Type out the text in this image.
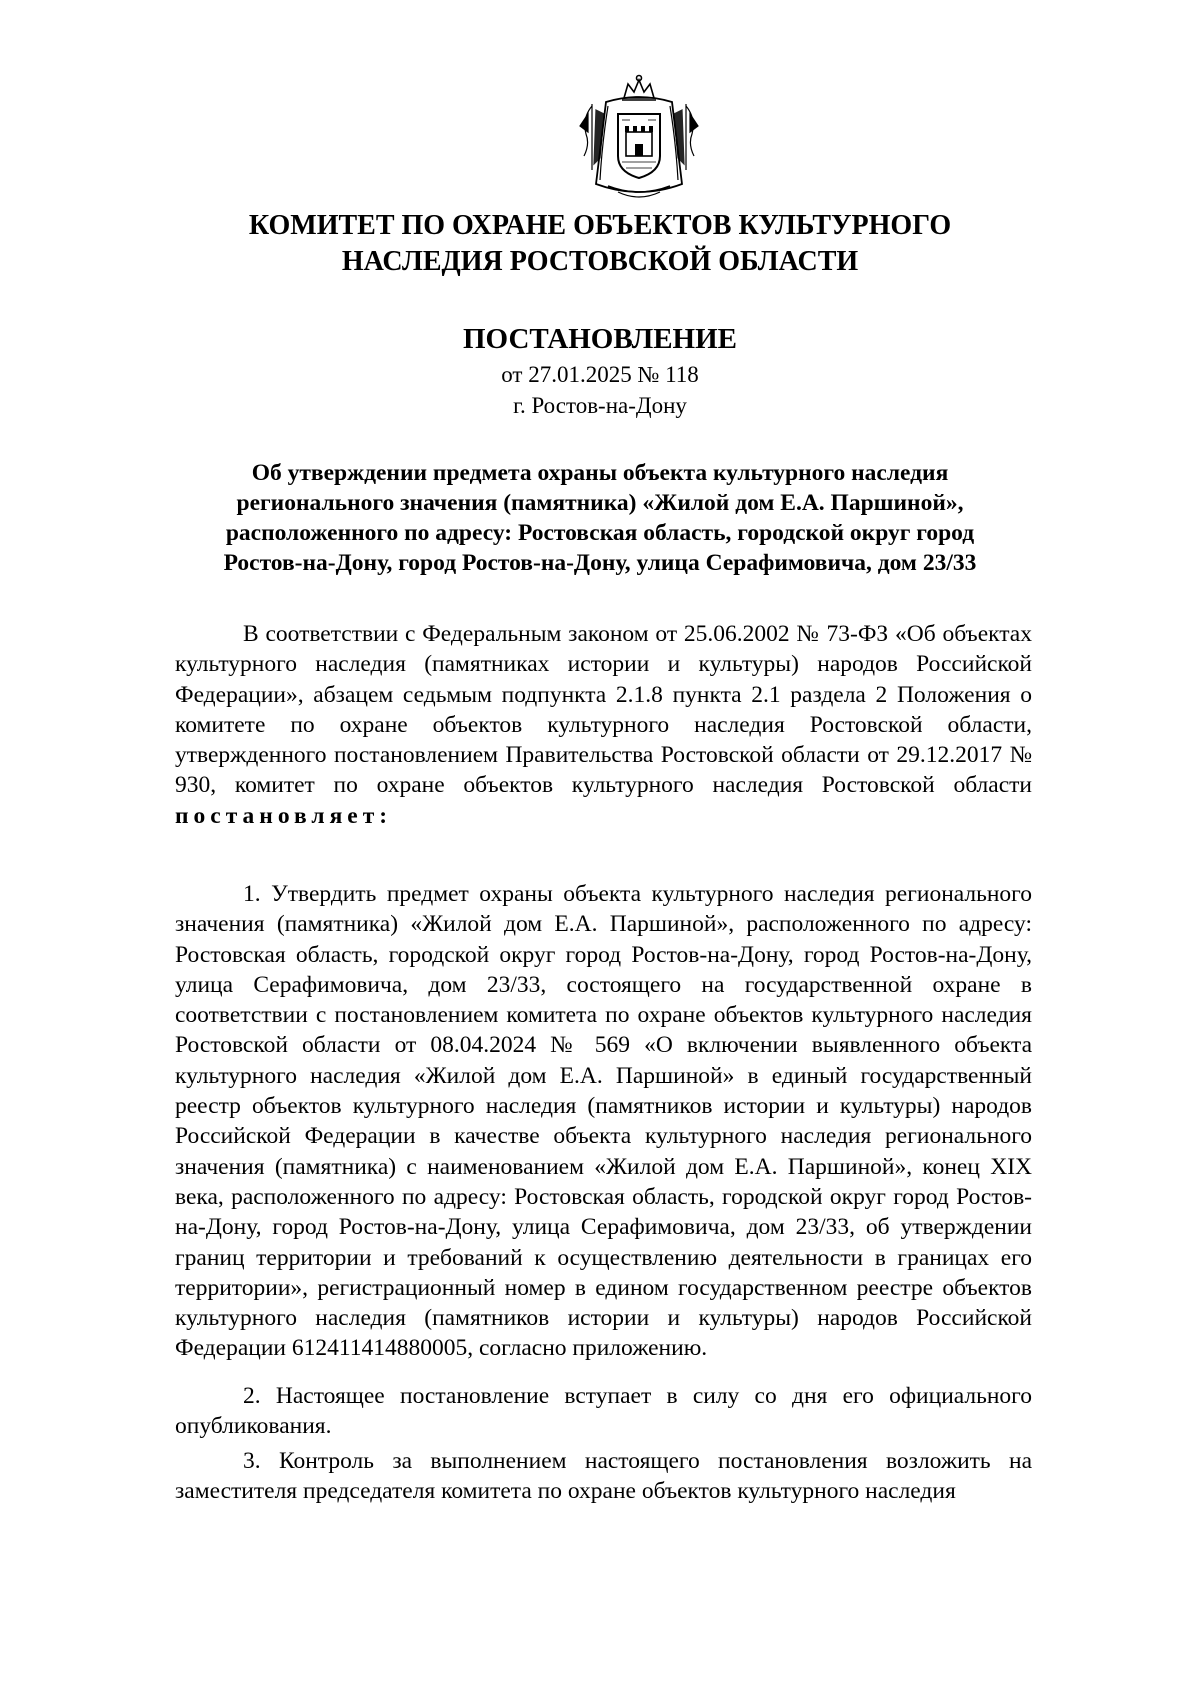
КОМИТЕТ ПО ОХРАНЕ ОБЪЕКТОВ КУЛЬТУРНОГО
НАСЛЕДИЯ РОСТОВСКОЙ ОБЛАСТИ
ПОСТАНОВЛЕНИЕ
от 27.01.2025 № 118
г. Ростов-на-Дону
Об утверждении предмета охраны объекта культурного наследия
регионального значения (памятника) «Жилой дом Е.А. Паршиной»,
расположенного по адресу: Ростовская область, городской округ город
Ростов-на-Дону, город Ростов-на-Дону, улица Серафимовича, дом 23/33

В соответствии с Федеральным законом от 25.06.2002 № 73-ФЗ «Об объектах культурного наследия (памятниках истории и культуры) народов Российской Федерации», абзацем седьмым подпункта 2.1.8 пункта 2.1 раздела 2 Положения о комитете по охране объектов культурного наследия Ростовской области, утвержденного постановлением Правительства Ростовской области от 29.12.2017 № 930, комитет по охране объектов культурного наследия Ростовской области постановляет:

1. Утвердить предмет охраны объекта культурного наследия регионального значения (памятника) «Жилой дом Е.А. Паршиной», расположенного по адресу: Ростовская область, городской округ город Ростов-на-Дону, город Ростов-на-Дону, улица Серафимовича, дом 23/33, состоящего на государственной охране в соответствии с постановлением комитета по охране объектов культурного наследия Ростовской области от 08.04.2024 № 569 «О включении выявленного объекта культурного наследия «Жилой дом Е.А. Паршиной» в единый государственный реестр объектов культурного наследия (памятников истории и культуры) народов Российской Федерации в качестве объекта культурного наследия регионального значения (памятника) с наименованием «Жилой дом Е.А. Паршиной», конец XIX века, расположенного по адресу: Ростовская область, городской округ город Ростов-на-Дону, город Ростов-на-Дону, улица Серафимовича, дом 23/33, об утверждении границ территории и требований к осуществлению деятельности в границах его территории», регистрационный номер в едином государственном реестре объектов культурного наследия (памятников истории и культуры) народов Российской Федерации 612411414880005, согласно приложению.

2. Настоящее постановление вступает в силу со дня его официального опубликования.

3. Контроль за выполнением настоящего постановления возложить на заместителя председателя комитета по охране объектов культурного наследия
